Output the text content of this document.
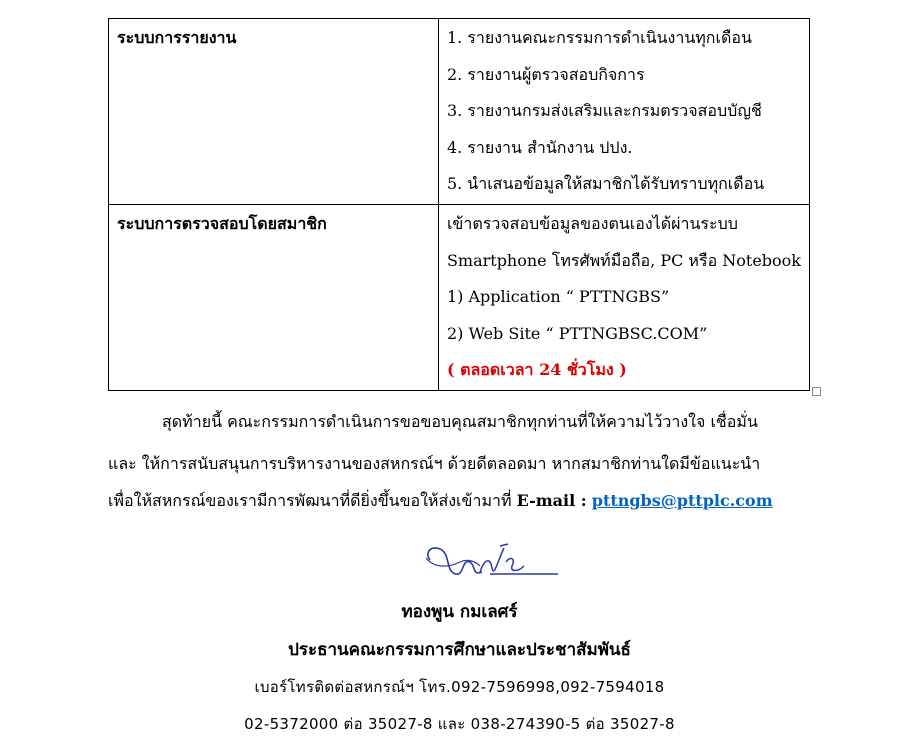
ระบบการรายงาน	1. รายงานคณะกรรมการดำเนินงานทุกเดือน
2. รายงานผู้ตรวจสอบกิจการ
3. รายงานกรมส่งเสริมและกรมตรวจสอบบัญชี
4. รายงาน สำนักงาน ปปง.
5. นำเสนอข้อมูลให้สมาชิกได้รับทราบทุกเดือน

ระบบการตรวจสอบโดยสมาชิก	เข้าตรวจสอบข้อมูลของตนเองได้ผ่านระบบ
Smartphone โทรศัพท์มือถือ, PC หรือ Notebook
1) Application “ PTTNGBS”
2) Web Site “ PTTNGBSC.COM”
( ตลอดเวลา 24 ชั่วโมง )
สุดท้ายนี้ คณะกรรมการดำเนินการขอขอบคุณสมาชิกทุกท่านที่ให้ความไว้วางใจ เชื่อมั่น
และ ให้การสนับสนุนการบริหารงานของสหกรณ์ฯ ด้วยดีตลอดมา หากสมาชิกท่านใดมีข้อแนะนำ
เพื่อให้สหกรณ์ของเรามีการพัฒนาที่ดียิ่งขึ้นขอให้ส่งเข้ามาที่ E-mail : pttngbs@pttplc.com
ทองพูน กมเลศร์
ประธานคณะกรรมการศึกษาและประชาสัมพันธ์
เบอร์โทรติดต่อสหกรณ์ฯ โทร.092-7596998,092-7594018
02-5372000 ต่อ 35027-8 และ 038-274390-5 ต่อ 35027-8
